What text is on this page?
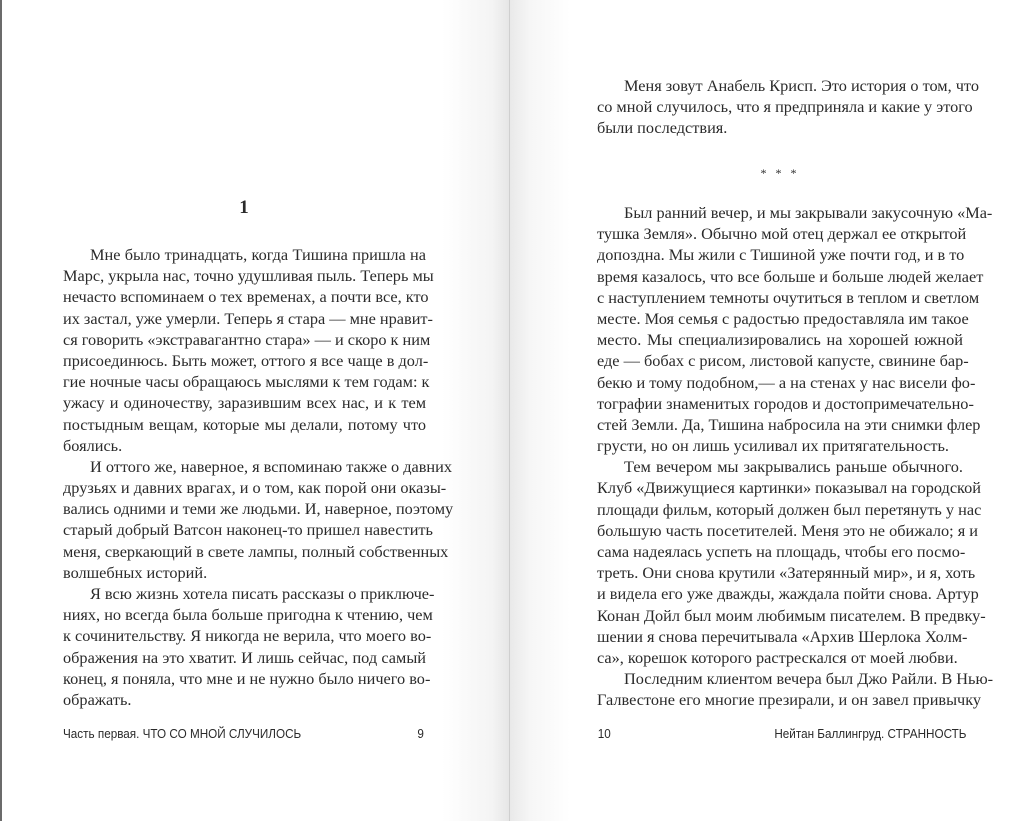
1
Мне было тринадцать, когда Тишина пришла на
Марс, укрыла нас, точно удушливая пыль. Теперь мы
нечасто вспоминаем о тех временах, а почти все, кто
их застал, уже умерли. Теперь я стара — мне нравит-
ся говорить «экстравагантно стара» — и скоро к ним
присоединюсь. Быть может, оттого я все чаще в дол-
гие ночные часы обращаюсь мыслями к тем годам: к
ужасу и одиночеству, заразившим всех нас, и к тем
постыдным вещам, которые мы делали, потому что
боялись.
И оттого же, наверное, я вспоминаю также о давних
друзьях и давних врагах, и о том, как порой они оказы-
вались одними и теми же людьми. И, наверное, поэтому
старый добрый Ватсон наконец-то пришел навестить
меня, сверкающий в свете лампы, полный собственных
волшебных историй.
Я всю жизнь хотела писать рассказы о приключе-
ниях, но всегда была больше пригодна к чтению, чем
к сочинительству. Я никогда не верила, что моего во-
ображения на это хватит. И лишь сейчас, под самый
конец, я поняла, что мне и не нужно было ничего во-
ображать.
Часть первая. ЧТО СО МНОЙ СЛУЧИЛОСЬ	9
Меня зовут Анабель Крисп. Это история о том, что
со мной случилось, что я предприняла и какие у этого
были последствия.
* * *
Был ранний вечер, и мы закрывали закусочную «Ма-
тушка Земля». Обычно мой отец держал ее открытой
допоздна. Мы жили с Тишиной уже почти год, и в то
время казалось, что все больше и больше людей желает
с наступлением темноты очутиться в теплом и светлом
месте. Моя семья с радостью предоставляла им такое
место. Мы специализировались на хорошей южной
еде — бобах с рисом, листовой капусте, свинине бар-
бекю и тому подобном,— а на стенах у нас висели фо-
тографии знаменитых городов и достопримечательно-
стей Земли. Да, Тишина набросила на эти снимки флер
грусти, но он лишь усиливал их притягательность.
Тем вечером мы закрывались раньше обычного.
Клуб «Движущиеся картинки» показывал на городской
площади фильм, который должен был перетянуть у нас
большую часть посетителей. Меня это не обижало; я и
сама надеялась успеть на площадь, чтобы его посмо-
треть. Они снова крутили «Затерянный мир», и я, хоть
и видела его уже дважды, жаждала пойти снова. Артур
Конан Дойл был моим любимым писателем. В предвку-
шении я снова перечитывала «Архив Шерлока Холм-
са», корешок которого растрескался от моей любви.
Последним клиентом вечера был Джо Райли. В Нью-
Галвестоне его многие презирали, и он завел привычку
10	Нейтан Баллингруд. СТРАННОСТЬ
